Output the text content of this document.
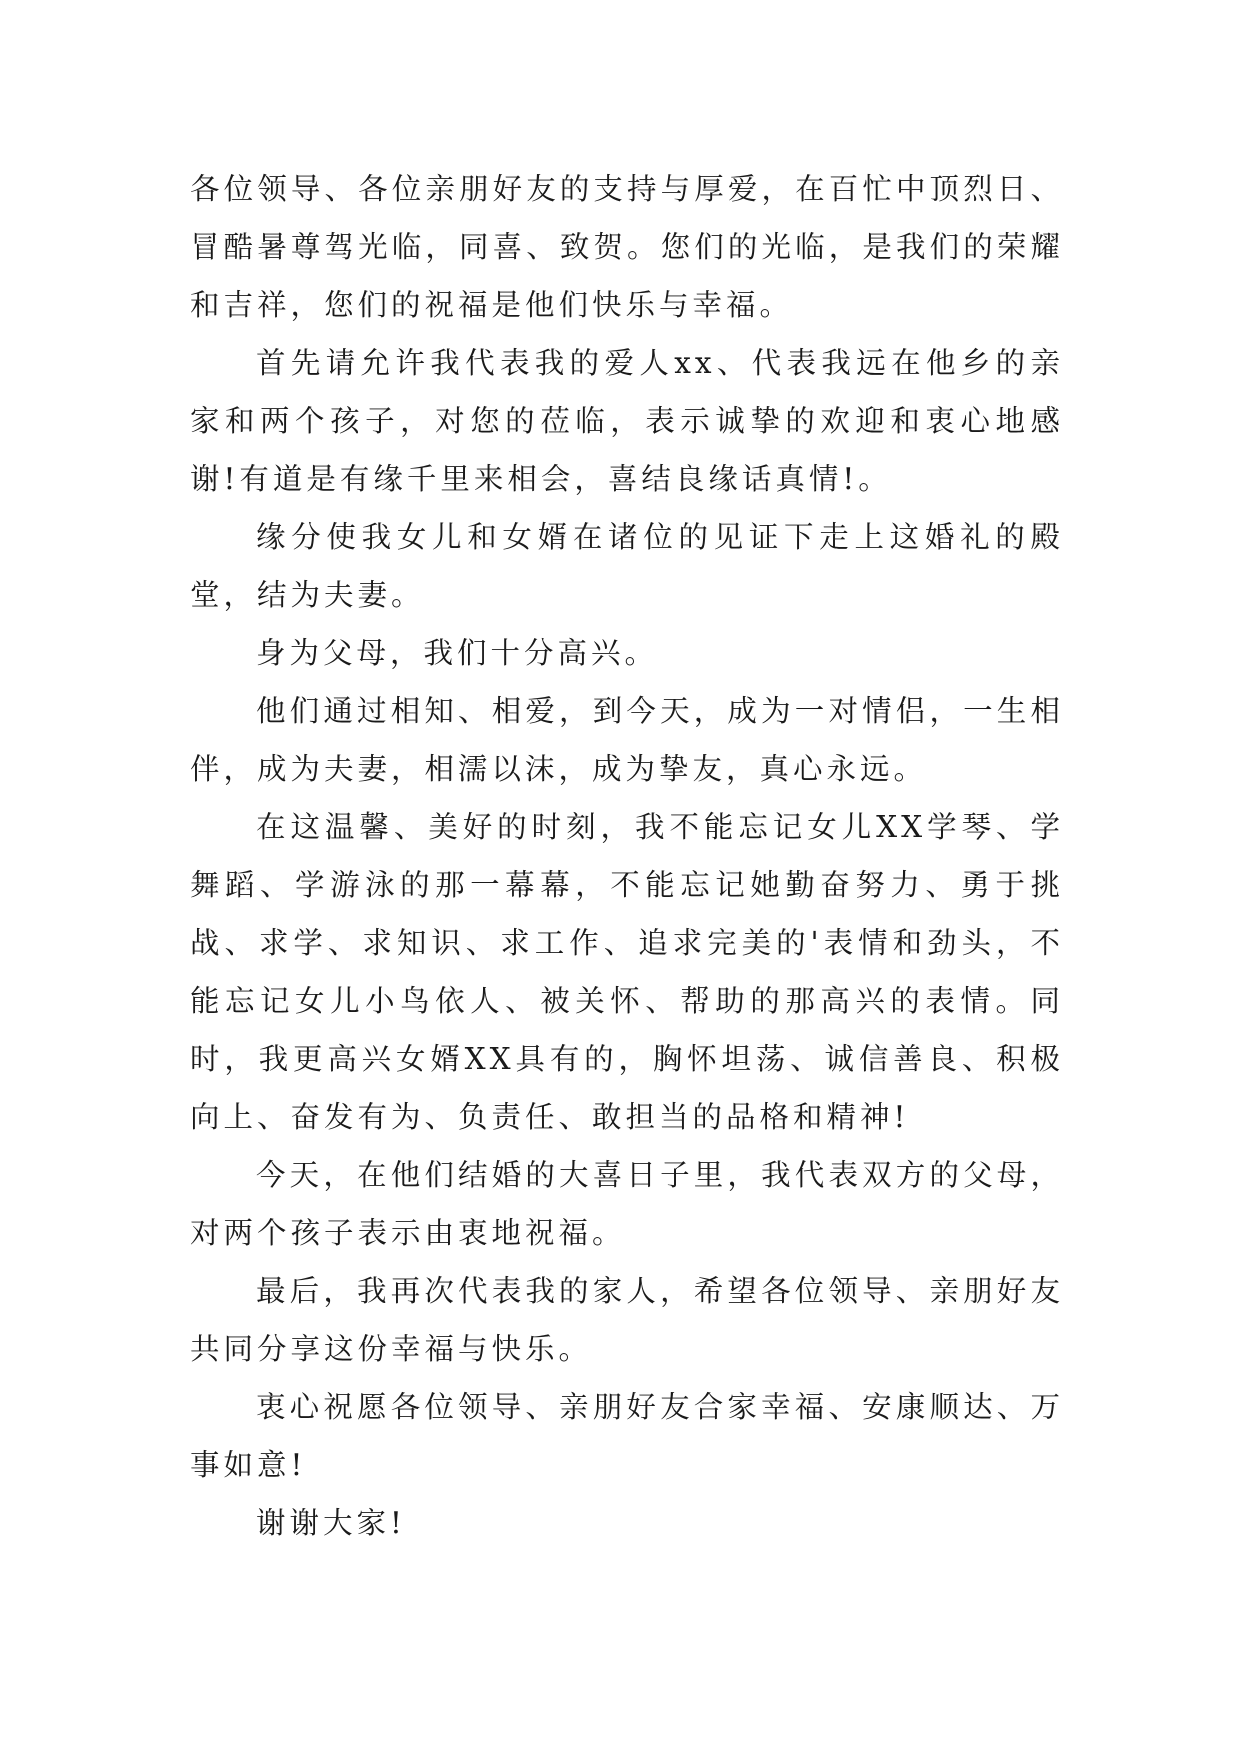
各位领导、各位亲朋好友的支持与厚爱，在百忙中顶烈日、冒酷暑尊驾光临，同喜、致贺。您们的光临，是我们的荣耀和吉祥，您们的祝福是他们快乐与幸福。

首先请允许我代表我的爱人xx、代表我远在他乡的亲家和两个孩子，对您的莅临，表示诚挚的欢迎和衷心地感谢!有道是有缘千里来相会，喜结良缘话真情!。

缘分使我女儿和女婿在诸位的见证下走上这婚礼的殿堂，结为夫妻。

身为父母，我们十分高兴。

他们通过相知、相爱，到今天，成为一对情侣，一生相伴，成为夫妻，相濡以沫，成为挚友，真心永远。

在这温馨、美好的时刻，我不能忘记女儿XX学琴、学舞蹈、学游泳的那一幕幕，不能忘记她勤奋努力、勇于挑战、求学、求知识、求工作、追求完美的'表情和劲头，不能忘记女儿小鸟依人、被关怀、帮助的那高兴的表情。同时，我更高兴女婿XX具有的，胸怀坦荡、诚信善良、积极向上、奋发有为、负责任、敢担当的品格和精神!

今天，在他们结婚的大喜日子里，我代表双方的父母，对两个孩子表示由衷地祝福。

最后，我再次代表我的家人，希望各位领导、亲朋好友共同分享这份幸福与快乐。

衷心祝愿各位领导、亲朋好友合家幸福、安康顺达、万事如意!

谢谢大家!
